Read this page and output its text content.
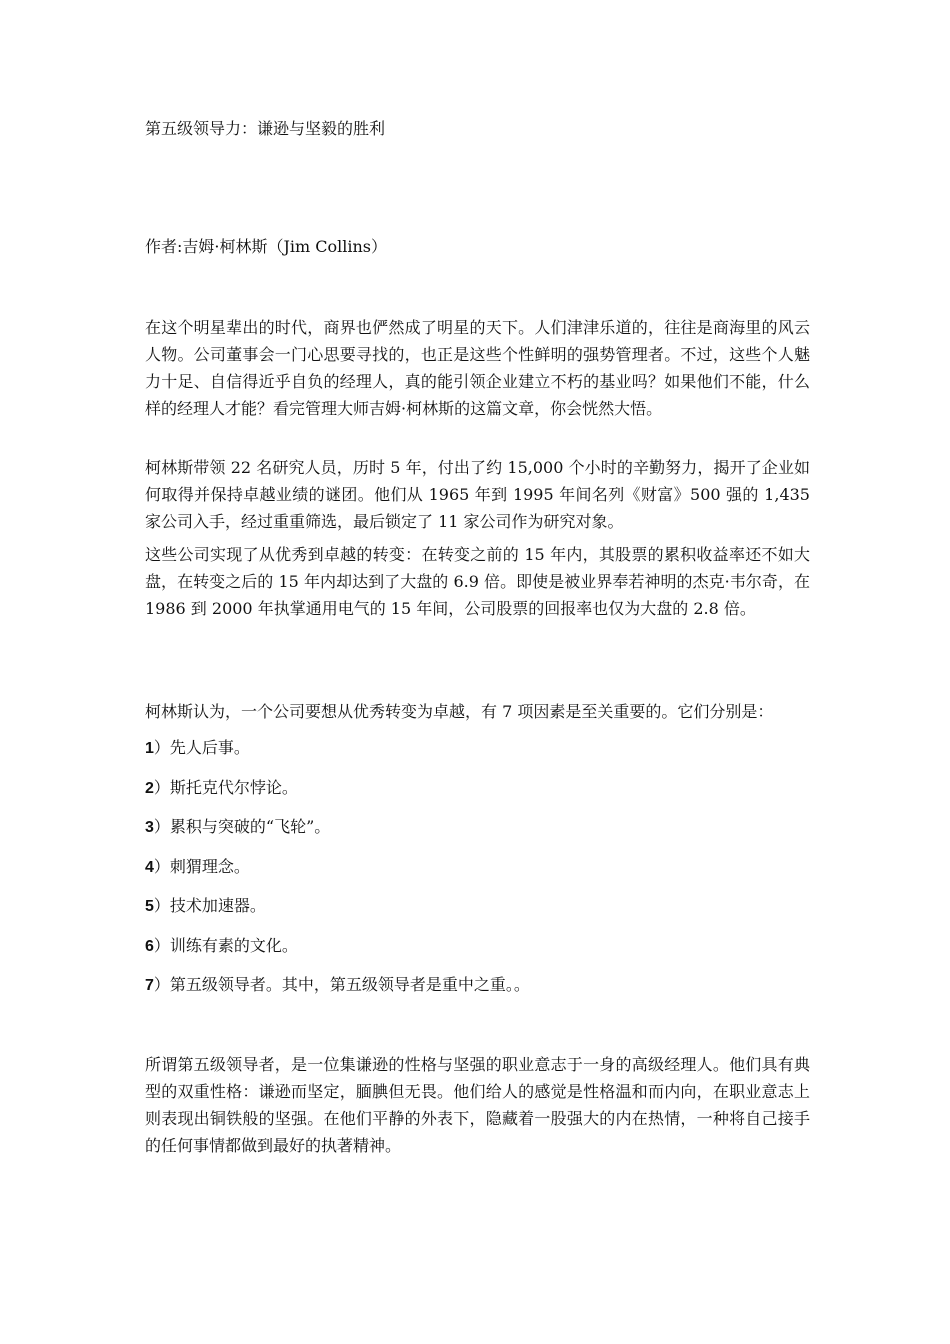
第五级领导力：谦逊与坚毅的胜利
作者:吉姆·柯林斯（Jim Collins）

在这个明星辈出的时代，商界也俨然成了明星的天下。人们津津乐道的，往往是商海里的风云人物。公司董事会一门心思要寻找的，也正是这些个性鲜明的强势管理者。不过，这些个人魅力十足、自信得近乎自负的经理人，真的能引领企业建立不朽的基业吗？如果他们不能，什么样的经理人才能？看完管理大师吉姆·柯林斯的这篇文章，你会恍然大悟。

柯林斯带领 22 名研究人员，历时 5 年，付出了约 15,000 个小时的辛勤努力，揭开了企业如何取得并保持卓越业绩的谜团。他们从 1965 年到 1995 年间名列《财富》500 强的 1,435 家公司入手，经过重重筛选，最后锁定了 11 家公司作为研究对象。

这些公司实现了从优秀到卓越的转变：在转变之前的 15 年内，其股票的累积收益率还不如大盘，在转变之后的 15 年内却达到了大盘的 6.9 倍。即使是被业界奉若神明的杰克·韦尔奇，在 1986 到 2000 年执掌通用电气的 15 年间，公司股票的回报率也仅为大盘的 2.8 倍。

柯林斯认为，一个公司要想从优秀转变为卓越，有 7 项因素是至关重要的。它们分别是：

1）先人后事。
2）斯托克代尔悖论。
3）累积与突破的“飞轮”。
4）刺猬理念。
5）技术加速器。
6）训练有素的文化。
7）第五级领导者。其中，第五级领导者是重中之重。。

所谓第五级领导者，是一位集谦逊的性格与坚强的职业意志于一身的高级经理人。他们具有典型的双重性格：谦逊而坚定，腼腆但无畏。他们给人的感觉是性格温和而内向，在职业意志上则表现出铜铁般的坚强。在他们平静的外表下，隐藏着一股强大的内在热情，一种将自己接手的任何事情都做到最好的执著精神。
